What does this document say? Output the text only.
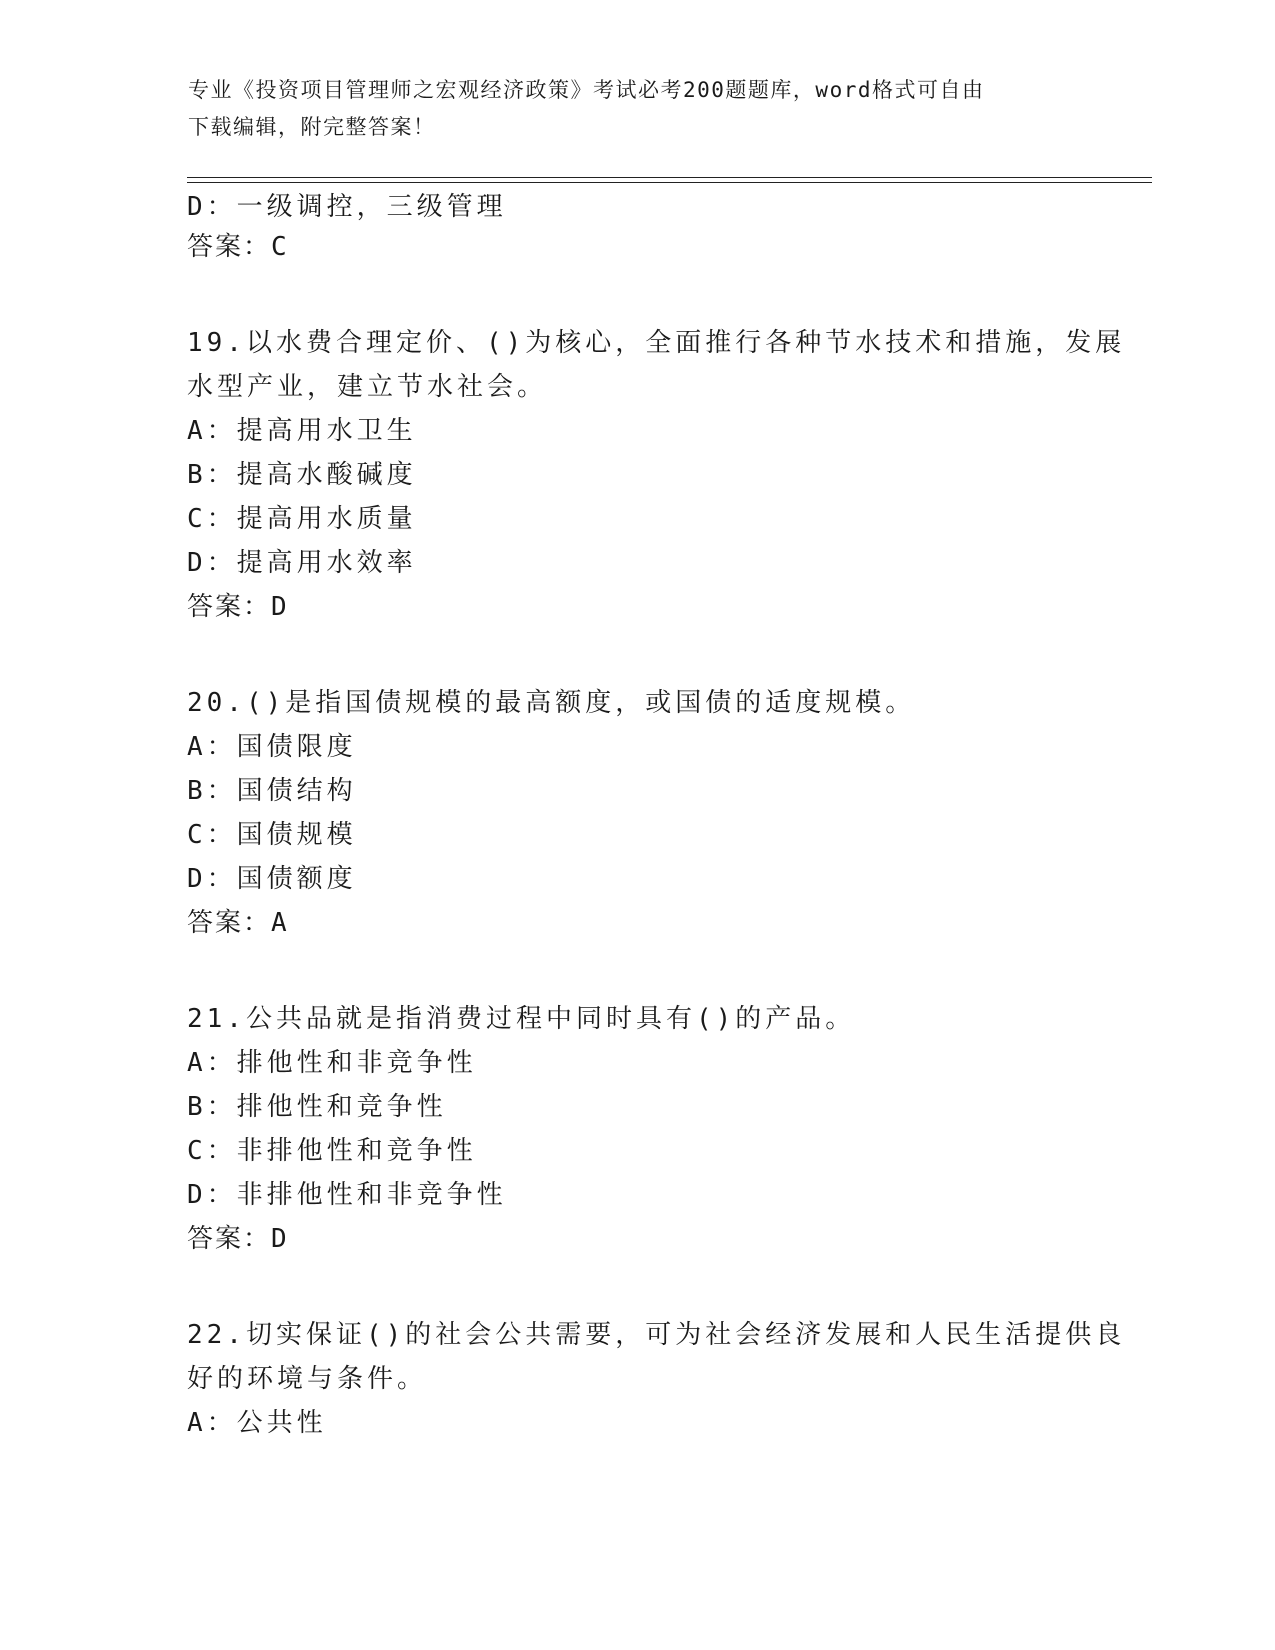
专业《投资项目管理师之宏观经济政策》考试必考200题题库，word格式可自由
下载编辑，附完整答案！
D：一级调控，三级管理
答案：C
19.以水费合理定价、()为核心，全面推行各种节水技术和措施，发展
水型产业，建立节水社会。
A：提高用水卫生
B：提高水酸碱度
C：提高用水质量
D：提高用水效率
答案：D
20.()是指国债规模的最高额度，或国债的适度规模。
A：国债限度
B：国债结构
C：国债规模
D：国债额度
答案：A
21.公共品就是指消费过程中同时具有()的产品。
A：排他性和非竞争性
B：排他性和竞争性
C：非排他性和竞争性
D：非排他性和非竞争性
答案：D
22.切实保证()的社会公共需要，可为社会经济发展和人民生活提供良
好的环境与条件。
A：公共性
